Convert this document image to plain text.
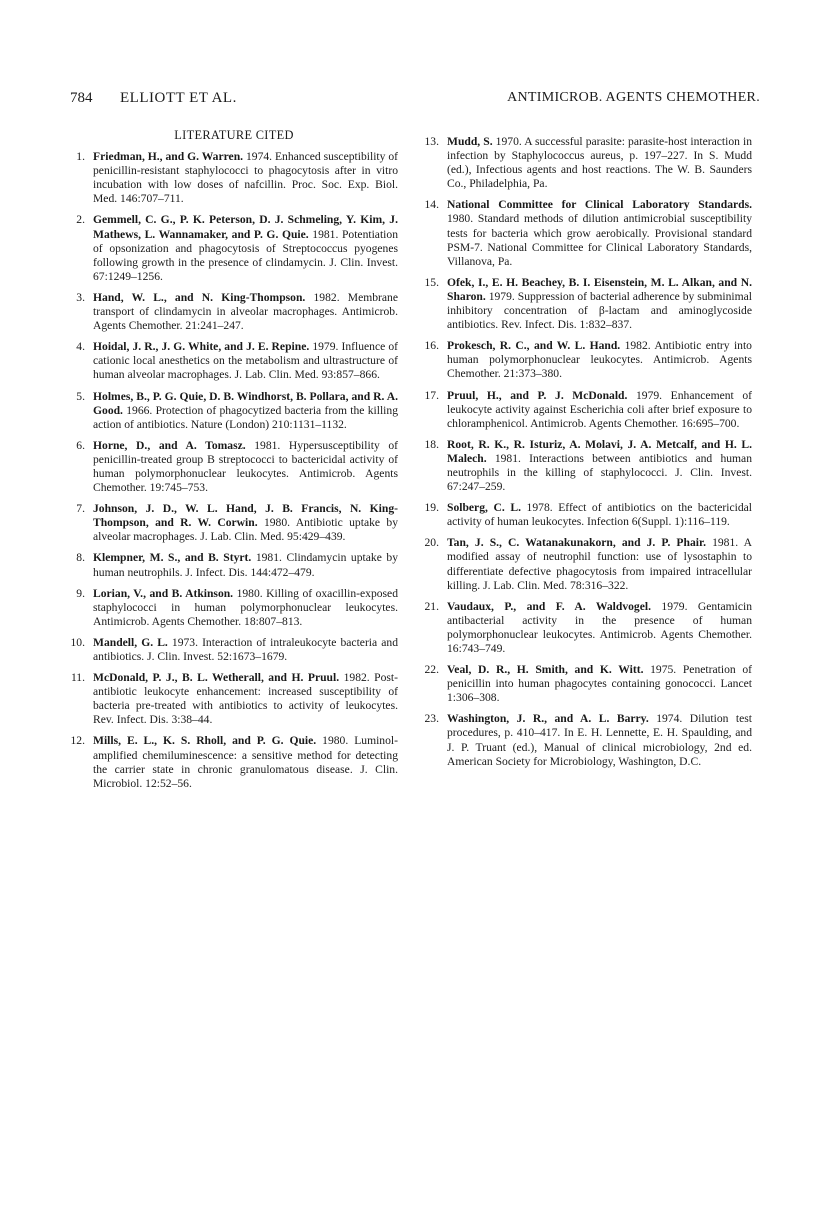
784 ELLIOTT ET AL.	ANTIMICROB. AGENTS CHEMOTHER.
LITERATURE CITED
1. Friedman, H., and G. Warren. 1974. Enhanced susceptibility of penicillin-resistant staphylococci to phagocytosis after in vitro incubation with low doses of nafcillin. Proc. Soc. Exp. Biol. Med. 146:707–711.
2. Gemmell, C. G., P. K. Peterson, D. J. Schmeling, Y. Kim, J. Mathews, L. Wannamaker, and P. G. Quie. 1981. Potentiation of opsonization and phagocytosis of Streptococcus pyogenes following growth in the presence of clindamycin. J. Clin. Invest. 67:1249–1256.
3. Hand, W. L., and N. King-Thompson. 1982. Membrane transport of clindamycin in alveolar macrophages. Antimicrob. Agents Chemother. 21:241–247.
4. Hoidal, J. R., J. G. White, and J. E. Repine. 1979. Influence of cationic local anesthetics on the metabolism and ultrastructure of human alveolar macrophages. J. Lab. Clin. Med. 93:857–866.
5. Holmes, B., P. G. Quie, D. B. Windhorst, B. Pollara, and R. A. Good. 1966. Protection of phagocytized bacteria from the killing action of antibiotics. Nature (London) 210:1131–1132.
6. Horne, D., and A. Tomasz. 1981. Hypersusceptibility of penicillin-treated group B streptococci to bactericidal activity of human polymorphonuclear leukocytes. Antimicrob. Agents Chemother. 19:745–753.
7. Johnson, J. D., W. L. Hand, J. B. Francis, N. King-Thompson, and R. W. Corwin. 1980. Antibiotic uptake by alveolar macrophages. J. Lab. Clin. Med. 95:429–439.
8. Klempner, M. S., and B. Styrt. 1981. Clindamycin uptake by human neutrophils. J. Infect. Dis. 144:472–479.
9. Lorian, V., and B. Atkinson. 1980. Killing of oxacillin-exposed staphylococci in human polymorphonuclear leukocytes. Antimicrob. Agents Chemother. 18:807–813.
10. Mandell, G. L. 1973. Interaction of intraleukocyte bacteria and antibiotics. J. Clin. Invest. 52:1673–1679.
11. McDonald, P. J., B. L. Wetherall, and H. Pruul. 1982. Post-antibiotic leukocyte enhancement: increased susceptibility of bacteria pre-treated with antibiotics to activity of leukocytes. Rev. Infect. Dis. 3:38–44.
12. Mills, E. L., K. S. Rholl, and P. G. Quie. 1980. Luminol-amplified chemiluminescence: a sensitive method for detecting the carrier state in chronic granulomatous disease. J. Clin. Microbiol. 12:52–56.
13. Mudd, S. 1970. A successful parasite: parasite-host interaction in infection by Staphylococcus aureus, p. 197–227. In S. Mudd (ed.), Infectious agents and host reactions. The W. B. Saunders Co., Philadelphia, Pa.
14. National Committee for Clinical Laboratory Standards. 1980. Standard methods of dilution antimicrobial susceptibility tests for bacteria which grow aerobically. Provisional standard PSM-7. National Committee for Clinical Laboratory Standards, Villanova, Pa.
15. Ofek, I., E. H. Beachey, B. I. Eisenstein, M. L. Alkan, and N. Sharon. 1979. Suppression of bacterial adherence by subminimal inhibitory concentration of β-lactam and aminoglycoside antibiotics. Rev. Infect. Dis. 1:832–837.
16. Prokesch, R. C., and W. L. Hand. 1982. Antibiotic entry into human polymorphonuclear leukocytes. Antimicrob. Agents Chemother. 21:373–380.
17. Pruul, H., and P. J. McDonald. 1979. Enhancement of leukocyte activity against Escherichia coli after brief exposure to chloramphenicol. Antimicrob. Agents Chemother. 16:695–700.
18. Root, R. K., R. Isturiz, A. Molavi, J. A. Metcalf, and H. L. Malech. 1981. Interactions between antibiotics and human neutrophils in the killing of staphylococci. J. Clin. Invest. 67:247–259.
19. Solberg, C. L. 1978. Effect of antibiotics on the bactericidal activity of human leukocytes. Infection 6(Suppl. 1):116–119.
20. Tan, J. S., C. Watanakunakorn, and J. P. Phair. 1981. A modified assay of neutrophil function: use of lysostaphin to differentiate defective phagocytosis from impaired intracellular killing. J. Lab. Clin. Med. 78:316–322.
21. Vaudaux, P., and F. A. Waldvogel. 1979. Gentamicin antibacterial activity in the presence of human polymorphonuclear leukocytes. Antimicrob. Agents Chemother. 16:743–749.
22. Veal, D. R., H. Smith, and K. Witt. 1975. Penetration of penicillin into human phagocytes containing gonococci. Lancet 1:306–308.
23. Washington, J. R., and A. L. Barry. 1974. Dilution test procedures, p. 410–417. In E. H. Lennette, E. H. Spaulding, and J. P. Truant (ed.), Manual of clinical microbiology, 2nd ed. American Society for Microbiology, Washington, D.C.
